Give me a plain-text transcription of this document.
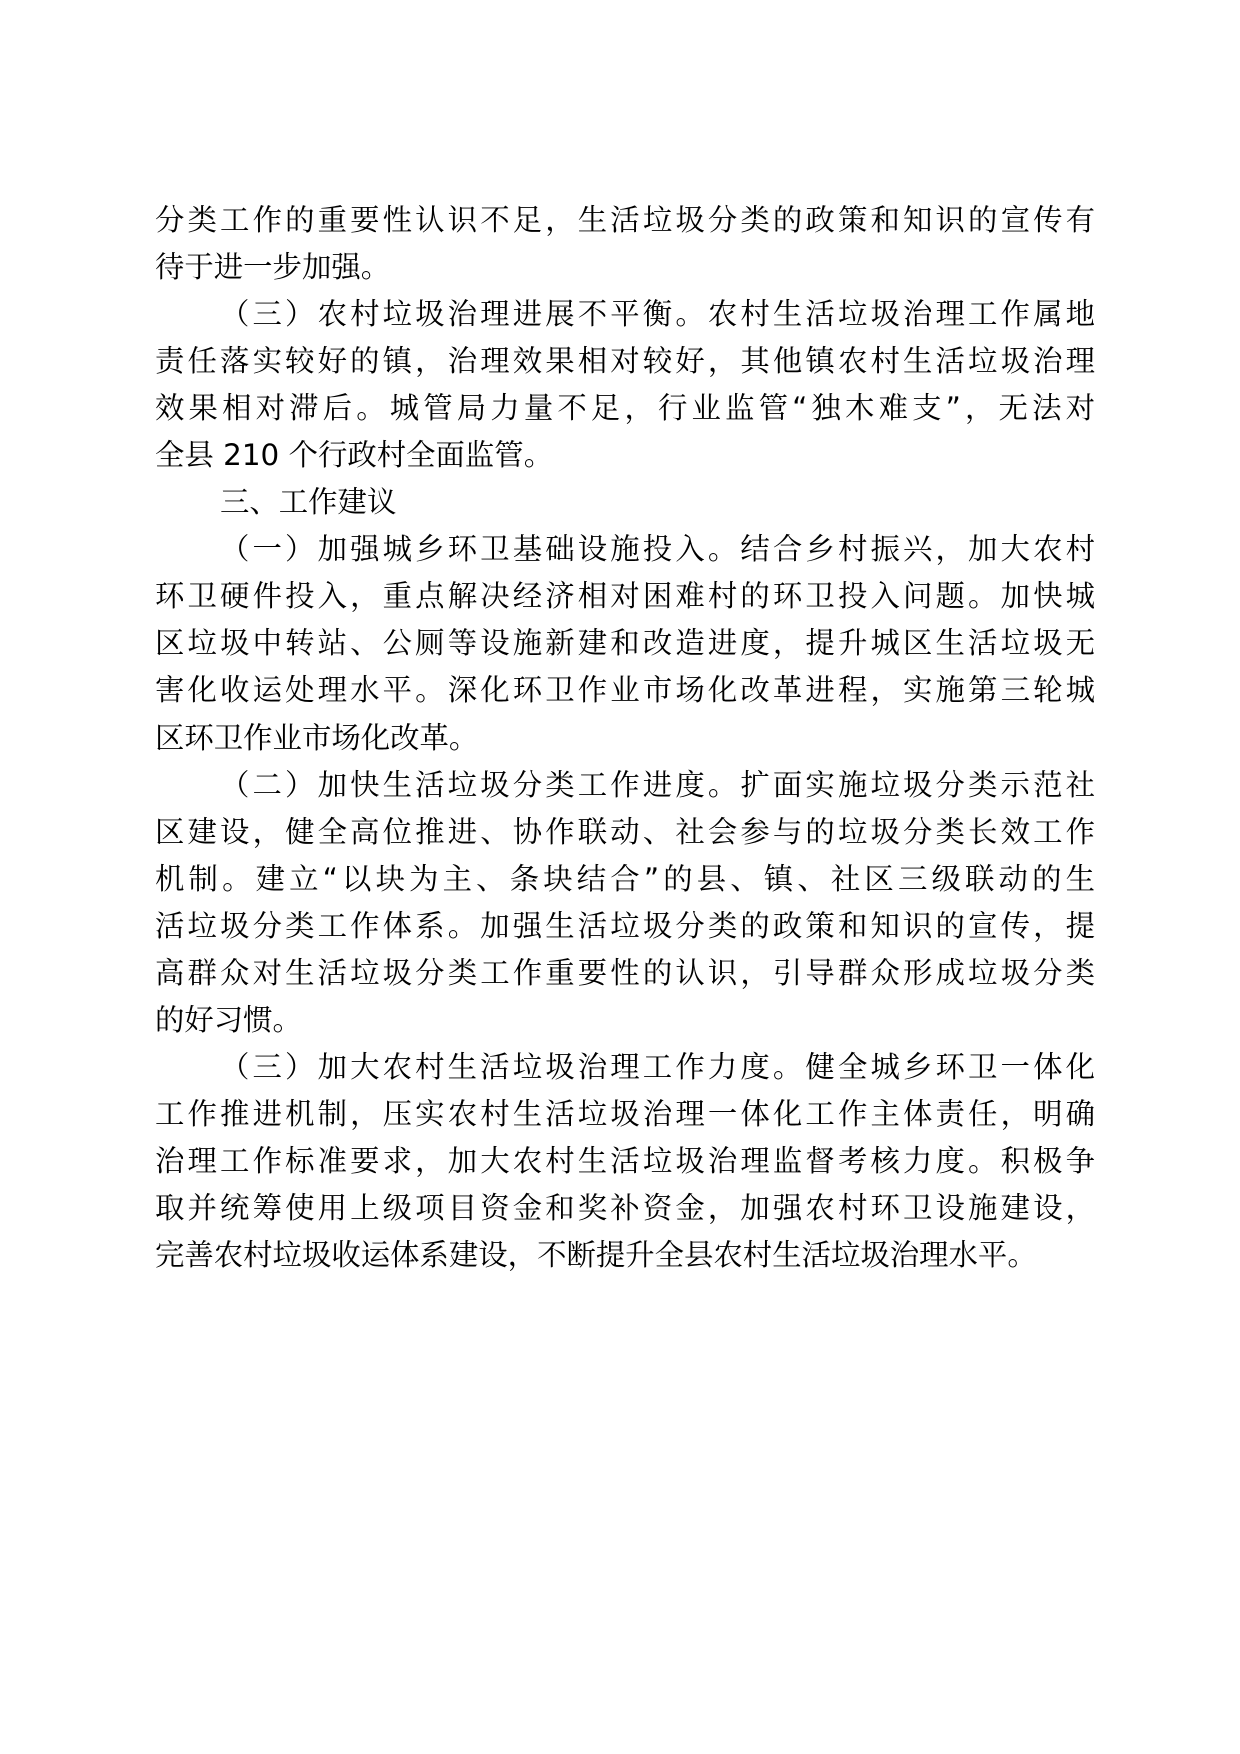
分类工作的重要性认识不足，生活垃圾分类的政策和知识的宣传有
待于进一步加强。
（三）农村垃圾治理进展不平衡。农村生活垃圾治理工作属地
责任落实较好的镇，治理效果相对较好，其他镇农村生活垃圾治理
效果相对滞后。城管局力量不足，行业监管“独木难支”，无法对
全县 210 个行政村全面监管。
三、工作建议
（一）加强城乡环卫基础设施投入。结合乡村振兴，加大农村
环卫硬件投入，重点解决经济相对困难村的环卫投入问题。加快城
区垃圾中转站、公厕等设施新建和改造进度，提升城区生活垃圾无
害化收运处理水平。深化环卫作业市场化改革进程，实施第三轮城
区环卫作业市场化改革。
（二）加快生活垃圾分类工作进度。扩面实施垃圾分类示范社
区建设，健全高位推进、协作联动、社会参与的垃圾分类长效工作
机制。建立“以块为主、条块结合”的县、镇、社区三级联动的生
活垃圾分类工作体系。加强生活垃圾分类的政策和知识的宣传，提
高群众对生活垃圾分类工作重要性的认识，引导群众形成垃圾分类
的好习惯。
（三）加大农村生活垃圾治理工作力度。健全城乡环卫一体化
工作推进机制，压实农村生活垃圾治理一体化工作主体责任，明确
治理工作标准要求，加大农村生活垃圾治理监督考核力度。积极争
取并统筹使用上级项目资金和奖补资金，加强农村环卫设施建设，
完善农村垃圾收运体系建设，不断提升全县农村生活垃圾治理水平。
